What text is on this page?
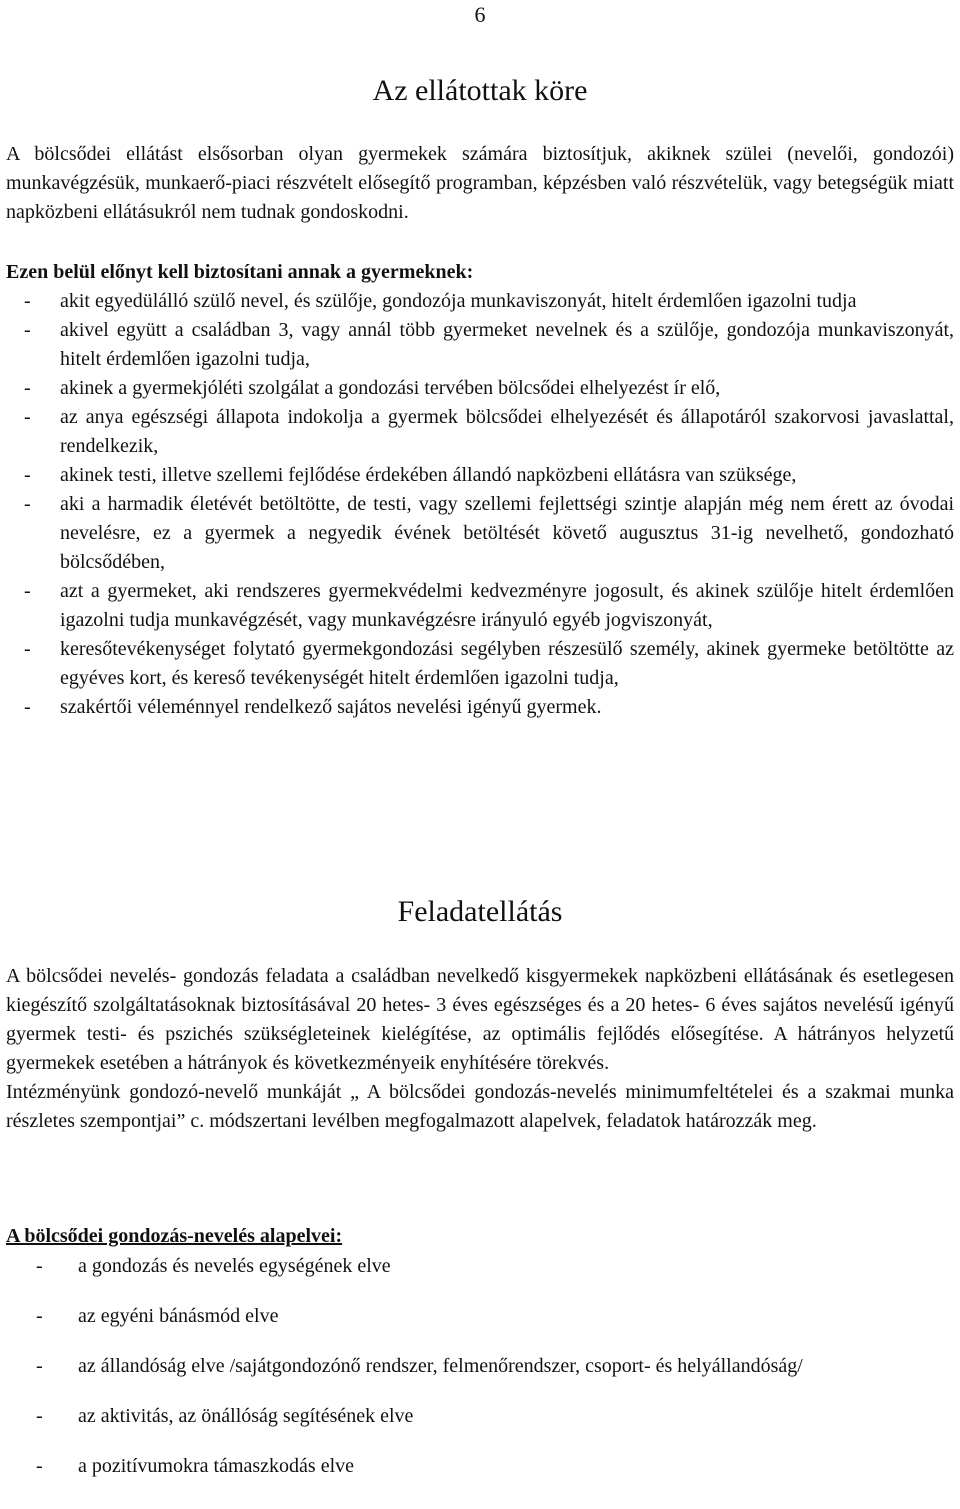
6
Az ellátottak köre

A bölcsődei ellátást elsősorban olyan gyermekek számára biztosítjuk, akiknek szülei (nevelői, gondozói) munkavégzésük, munkaerő-piaci részvételt elősegítő programban, képzésben való részvételük, vagy betegségük miatt napközbeni ellátásukról nem tudnak gondoskodni.

Ezen belül előnyt kell biztosítani annak a gyermeknek:
-	akit egyedülálló szülő nevel, és szülője, gondozója munkaviszonyát, hitelt érdemlően igazolni tudja
-	akivel együtt a családban 3, vagy annál több gyermeket nevelnek és a szülője, gondozója munkaviszonyát, hitelt érdemlően igazolni tudja,
-	akinek a gyermekjóléti szolgálat a gondozási tervében bölcsődei elhelyezést ír elő,
-	az anya egészségi állapota indokolja a gyermek bölcsődei elhelyezését és állapotáról szakorvosi javaslattal, rendelkezik,
-	akinek testi, illetve szellemi fejlődése érdekében állandó napközbeni ellátásra van szüksége,
-	aki a harmadik életévét betöltötte, de testi, vagy szellemi fejlettségi szintje alapján még nem érett az óvodai nevelésre, ez a gyermek a negyedik évének betöltését követő augusztus 31-ig nevelhető, gondozható bölcsődében,
-	azt a gyermeket, aki rendszeres gyermekvédelmi kedvezményre jogosult, és akinek szülője hitelt érdemlően igazolni tudja munkavégzését, vagy munkavégzésre irányuló egyéb jogviszonyát,
-	keresőtevékenységet folytató gyermekgondozási segélyben részesülő személy, akinek gyermeke betöltötte az egyéves kort, és kereső tevékenységét hitelt érdemlően igazolni tudja,
-	szakértői véleménnyel rendelkező sajátos nevelési igényű gyermek.
Feladatellátás

A bölcsődei nevelés- gondozás feladata a családban nevelkedő kisgyermekek napközbeni ellátásának és esetlegesen kiegészítő szolgáltatásoknak biztosításával 20 hetes- 3 éves egészséges és a 20 hetes- 6 éves sajátos nevelésű igényű gyermek testi- és pszichés szükségleteinek kielégítése, az optimális fejlődés elősegítése. A hátrányos helyzetű gyermekek esetében a hátrányok és következményeik enyhítésére törekvés.

Intézményünk gondozó-nevelő munkáját „ A bölcsődei gondozás-nevelés minimumfeltételei és a szakmai munka részletes szempontjai” c. módszertani levélben megfogalmazott alapelvek, feladatok határozzák meg.

A bölcsődei gondozás-nevelés alapelvei:
-	a gondozás és nevelés egységének elve
-	az egyéni bánásmód elve
-	az állandóság elve /sajátgondozónő rendszer, felmenőrendszer, csoport- és helyállandóság/
-	az aktivitás, az önállóság segítésének elve
-	a pozitívumokra támaszkodás elve
